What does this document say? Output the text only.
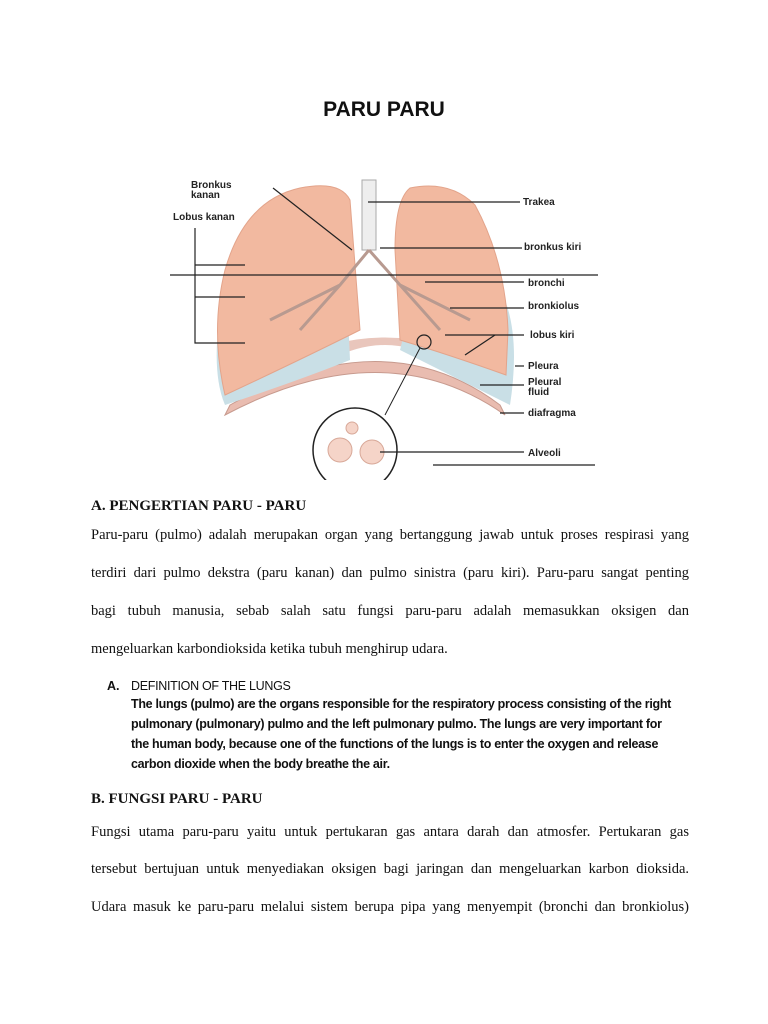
PARU PARU
Bronkus
kanan
Lobus kanan
Trakea
bronkus kiri
bronchi
bronkiolus
lobus kiri
Pleura
Pleural
fluid
diafragma
Alveoli
A. PENGERTIAN PARU - PARU
Paru-paru (pulmo) adalah merupakan organ yang bertanggung jawab untuk proses respirasi yang
terdiri dari pulmo dekstra (paru kanan) dan pulmo sinistra (paru kiri). Paru-paru sangat penting
bagi tubuh manusia, sebab salah satu fungsi paru-paru adalah memasukkan oksigen dan
mengeluarkan karbondioksida ketika tubuh menghirup udara.
A. DEFINITION OF THE LUNGS
The lungs (pulmo) are the organs responsible for the respiratory process consisting of the right
pulmonary (pulmonary) pulmo and the left pulmonary pulmo. The lungs are very important for
the human body, because one of the functions of the lungs is to enter the oxygen and release
carbon dioxide when the body breathe the air.
B. FUNGSI PARU - PARU
Fungsi utama paru-paru yaitu untuk pertukaran gas antara darah dan atmosfer. Pertukaran gas
tersebut bertujuan untuk menyediakan oksigen bagi jaringan dan mengeluarkan karbon dioksida.
Udara masuk ke paru-paru melalui sistem berupa pipa yang menyempit (bronchi dan bronkiolus)
